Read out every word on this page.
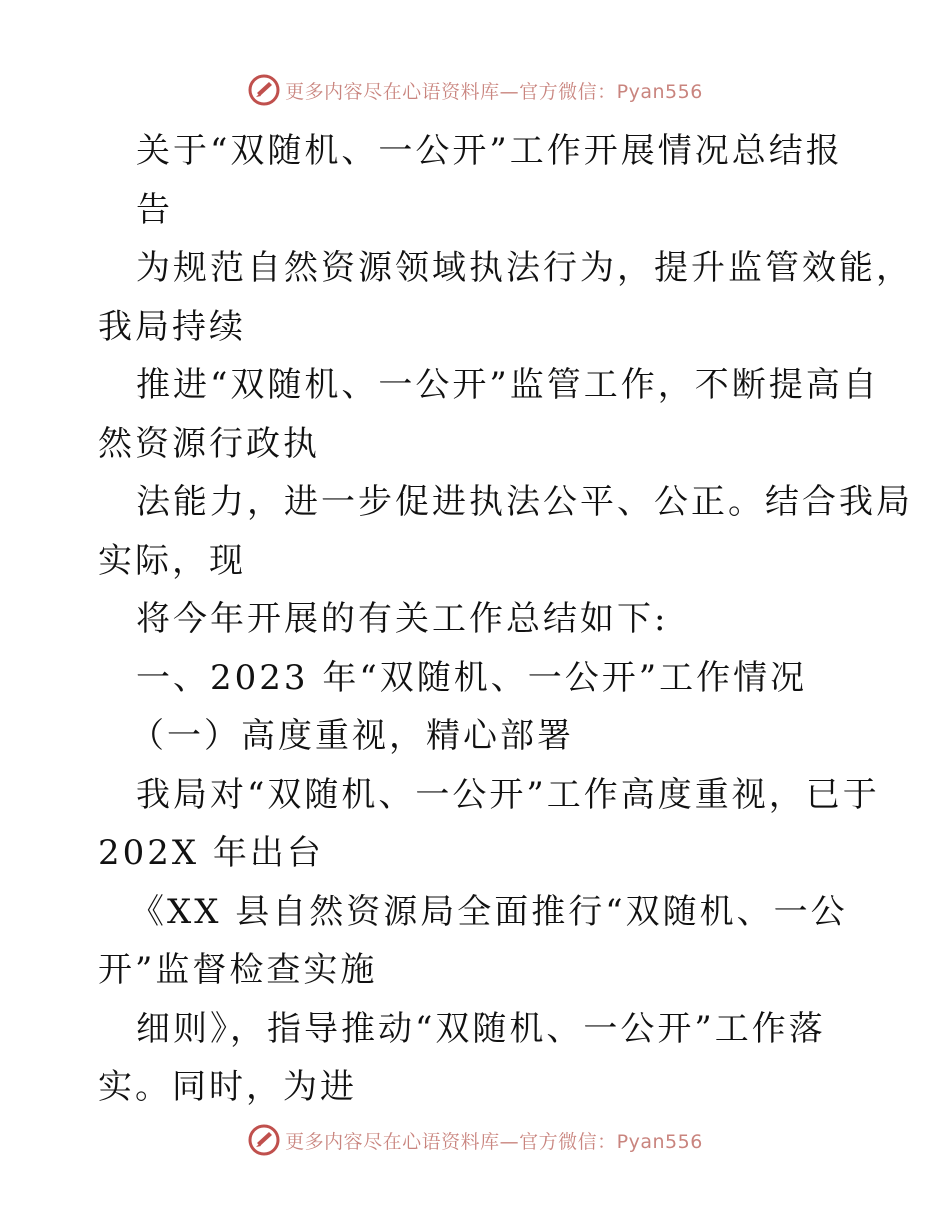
更多内容尽在心语资料库—官方微信：Pyan556
关于“双随机、一公开”工作开展情况总结报
告
为规范自然资源领域执法行为，提升监管效能，
我局持续
推进“双随机、一公开”监管工作，不断提高自
然资源行政执
法能力，进一步促进执法公平、公正。结合我局
实际，现
将今年开展的有关工作总结如下:
一、2023 年“双随机、一公开”工作情况
（一）高度重视，精心部署
我局对“双随机、一公开”工作高度重视，已于
202X 年出台
《XX 县自然资源局全面推行“双随机、一公
开”监督检查实施
细则》，指导推动“双随机、一公开”工作落
实。同时，为进
更多内容尽在心语资料库—官方微信：Pyan556
